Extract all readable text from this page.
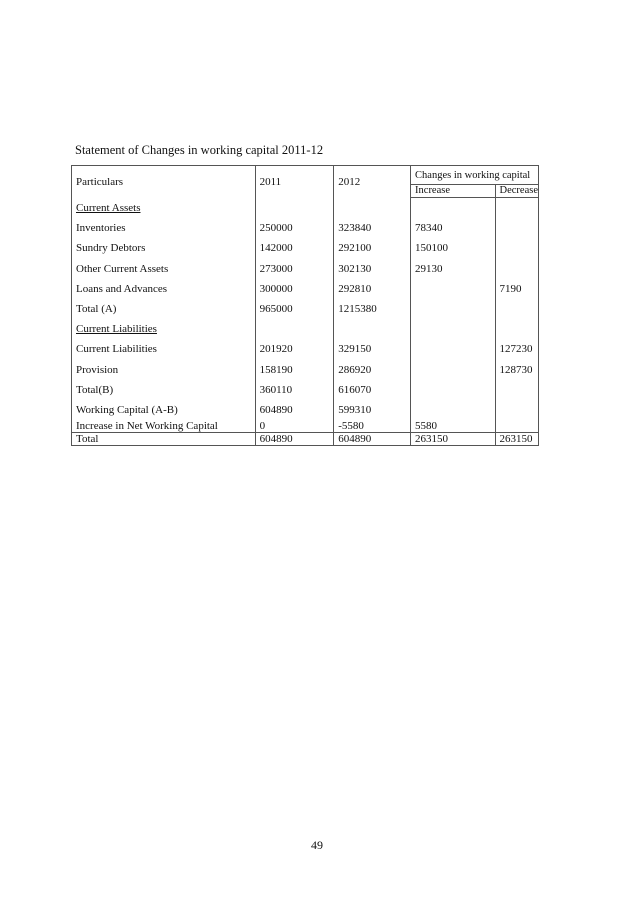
Statement of Changes in working capital 2011-12
Particulars	2011	2012	Changes in working capital	
			Increase	Decrease
Current Assets				
Inventories	250000	323840	78340	
Sundry Debtors	142000	292100	150100	
Other Current Assets	273000	302130	29130	
Loans and Advances	300000	292810		7190
Total (A)	965000	1215380		
Current Liabilities				
Current Liabilities	201920	329150		127230
Provision	158190	286920		128730
Total(B)	360110	616070		
Working Capital (A-B)	604890	599310		
Increase in Net Working Capital	0	-5580	5580	
Total	604890	604890	263150	263150
49
